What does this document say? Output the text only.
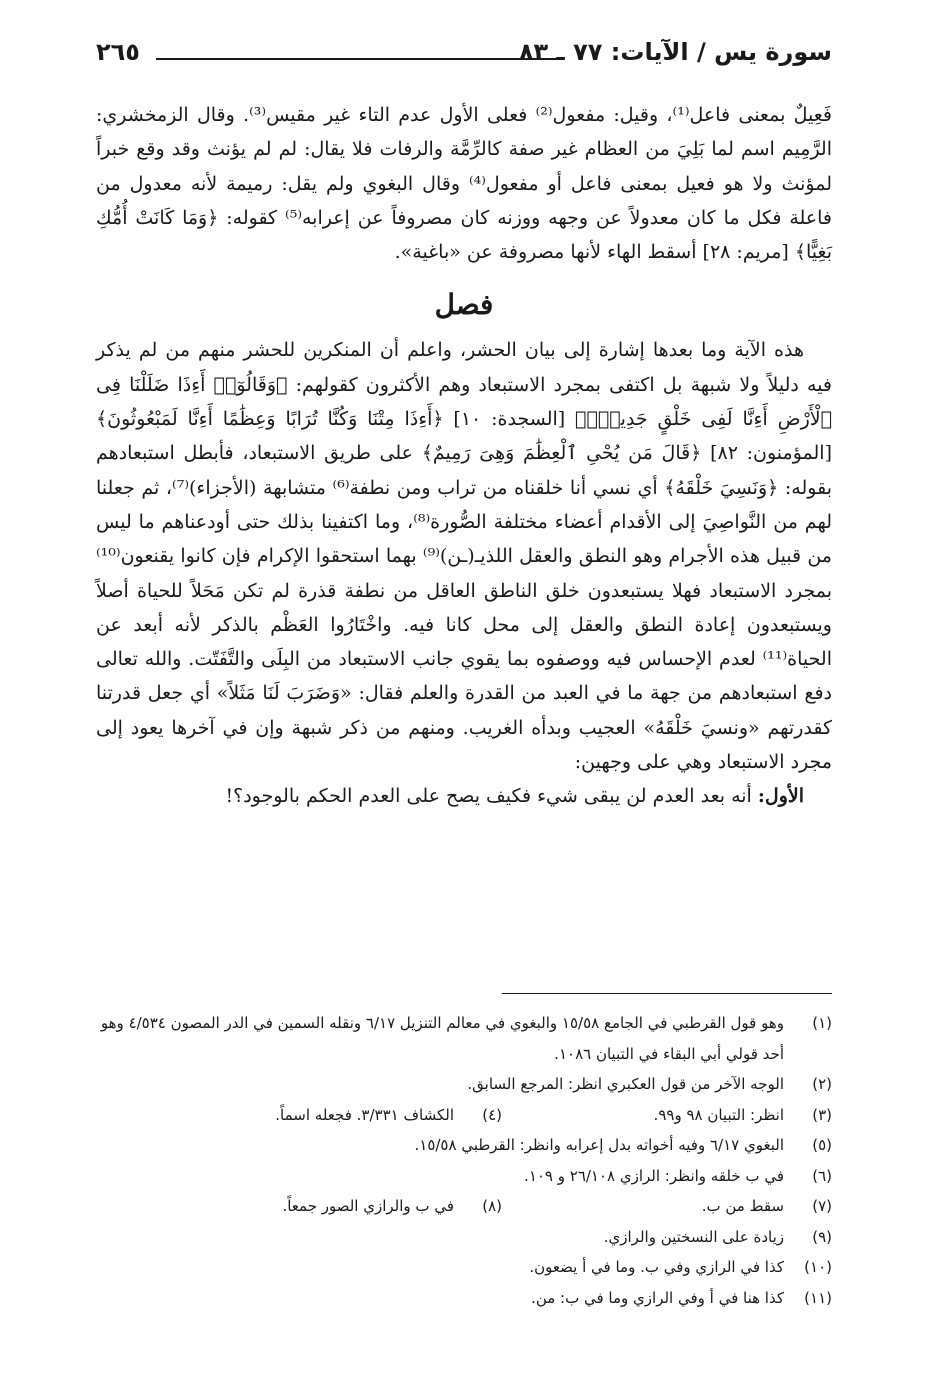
سورة يس / الآيات: ٧٧ ـ ٨٣
٢٦٥

فَعِيلٌ بمعنى فاعل⁽¹⁾، وقيل: مفعول⁽²⁾ فعلى الأول عدم التاء غير مقيس⁽³⁾. وقال الزمخشري: الرَّمِيم اسم لما بَلِيَ من العظام غير صفة كالرِّمَّة والرفات فلا يقال: لم لم يؤنث وقد وقع خبراً لمؤنث ولا هو فعيل بمعنى فاعل أو مفعول⁽⁴⁾ وقال البغوي ولم يقل: رميمة لأنه معدول من فاعلة فكل ما كان معدولاً عن وجهه ووزنه كان مصروفاً عن إعرابه⁽⁵⁾ كقوله: ﴿وَمَا كَانَتْ أُمُّكِ بَغِيًّا﴾ [مريم: ٢٨] أسقط الهاء لأنها مصروفة عن «باغية».

فصل

هذه الآية وما بعدها إشارة إلى بيان الحشر، واعلم أن المنكرين للحشر منهم من لم يذكر فيه دليلاً ولا شبهة بل اكتفى بمجرد الاستبعاد وهم الأكثرون كقولهم: ﴿وَقَالُوٓا۟ أَءِذَا ضَلَلْنَا فِى ٱلْأَرْضِ أَءِنَّا لَفِى خَلْقٍ جَدِيدٍۭ﴾ [السجدة: ١٠] ﴿أَءِذَا مِتْنَا وَكُنَّا تُرَابًا وَعِظَٰمًا أَءِنَّا لَمَبْعُوثُونَ﴾ [المؤمنون: ٨٢] ﴿قَالَ مَن يُحْىِ ٱلْعِظَٰمَ وَهِىَ رَمِيمٌ﴾ على طريق الاستبعاد، فأبطل استبعادهم بقوله: ﴿وَنَسِيَ خَلْقَهُ﴾ أي نسي أنا خلقناه من تراب ومن نطفة⁽⁶⁾ متشابهة (الأجزاء)⁽⁷⁾، ثم جعلنا لهم من النَّواصِيَ إلى الأقدام أعضاء مختلفة الصُّورة⁽⁸⁾، وما اكتفينا بذلك حتى أودعناهم ما ليس من قبيل هذه الأجرام وهو النطق والعقل اللذيـ(ـن)⁽⁹⁾ بهما استحقوا الإكرام فإن كانوا يقنعون⁽¹⁰⁾ بمجرد الاستبعاد فهلا يستبعدون خلق الناطق العاقل من نطفة قذرة لم تكن مَحَلاً للحياة أصلاً ويستبعدون إعادة النطق والعقل إلى محل كانا فيه. واخْتَارُوا العَظْم بالذكر لأنه أبعد عن الحياة⁽¹¹⁾ لعدم الإحساس فيه ووصفوه بما يقوي جانب الاستبعاد من البِلَى والتَّفَتّت. والله تعالى دفع استبعادهم من جهة ما في العبد من القدرة والعلم فقال: «وَضَرَبَ لَنَا مَثَلاً» أي جعل قدرتنا كقدرتهم «ونسيَ خَلْقَهُ» العجيب وبدأه الغريب. ومنهم من ذكر شبهة وإن في آخرها يعود إلى مجرد الاستبعاد وهي على وجهين:

الأول: أنه بعد العدم لن يبقى شيء فكيف يصح على العدم الحكم بالوجود؟!

(١)
وهو قول القرطبي في الجامع ١٥/٥٨ والبغوي في معالم التنزيل ٦/١٧ ونقله السمين في الدر المصون ٤/٥٣٤ وهو أحد قولي أبي البقاء في التبيان ١٠٨٦.
(٢)
الوجه الآخر من قول العكبري انظر: المرجع السابق.
(٣)
انظر: التبيان ٩٨ و٩٩.
(٤)
الكشاف ٣/٣٣١. فجعله اسماً.
(٥)
البغوي ٦/١٧ وفيه أخواته بدل إعرابه وانظر: القرطبي ١٥/٥٨.
(٦)
في ب خلقه وانظر: الرازي ٢٦/١٠٨ و ١٠٩.
(٧)
سقط من ب.
(٨)
في ب والرازي الصور جمعاً.
(٩)
زيادة على النسختين والرازي.
(١٠)
كذا في الرازي وفي ب. وما في أ يضعون.
(١١)
كذا هنا في أ وفي الرازي وما في ب: من.
